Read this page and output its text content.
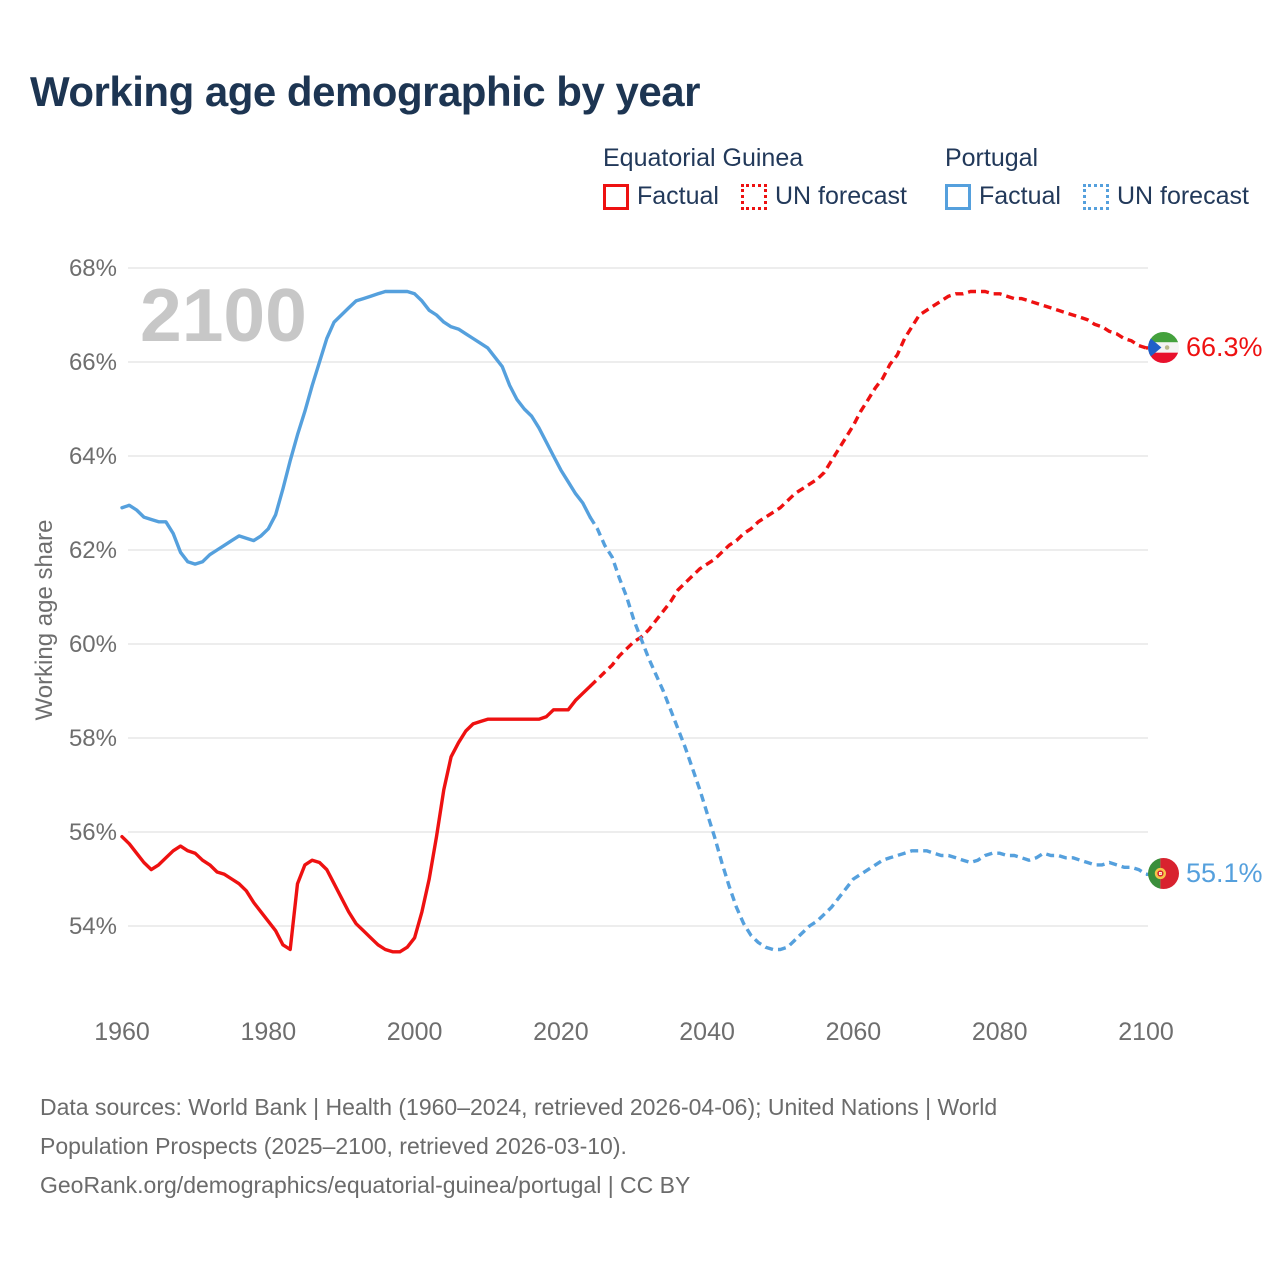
Working age demographic by year
Equatorial Guinea
Factual UN forecast
Portugal
Factual UN forecast
68%
66%
64%
62%
60%
58%
56%
54%
1960	1980	2000	2020	2040	2060	2080	2100
2100
Working age share
66.3%
55.1%
Data sources: World Bank | Health (1960–2024, retrieved 2026-04-06); United Nations | World
Population Prospects (2025–2100, retrieved 2026-03-10).
GeoRank.org/demographics/equatorial-guinea/portugal | CC BY
